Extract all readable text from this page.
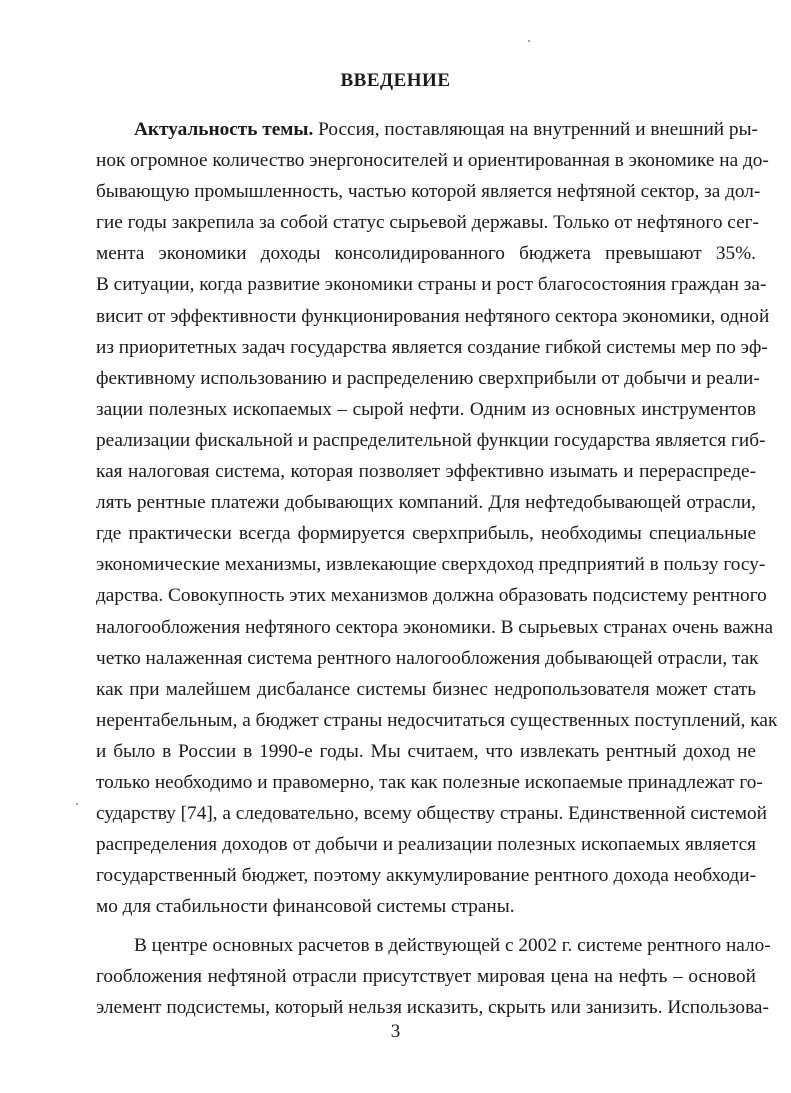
ВВЕДЕНИЕ
Актуальность темы. Россия, поставляющая на внутренний и внешний ры-
нок огромное количество энергоносителей и ориентированная в экономике на до-
бывающую промышленность, частью которой является нефтяной сектор, за дол-
гие годы закрепила за собой статус сырьевой державы. Только от нефтяного сег-
мента экономики доходы консолидированного бюджета превышают 35%.
В ситуации, когда развитие экономики страны и рост благосостояния граждан за-
висит от эффективности функционирования нефтяного сектора экономики, одной
из приоритетных задач государства является создание гибкой системы мер по эф-
фективному использованию и распределению сверхприбыли от добычи и реали-
зации полезных ископаемых – сырой нефти. Одним из основных инструментов
реализации фискальной и распределительной функции государства является гиб-
кая налоговая система, которая позволяет эффективно изымать и перераспреде-
лять рентные платежи добывающих компаний. Для нефтедобывающей отрасли,
где практически всегда формируется сверхприбыль, необходимы специальные
экономические механизмы, извлекающие сверхдоход предприятий в пользу госу-
дарства. Совокупность этих механизмов должна образовать подсистему рентного
налогообложения нефтяного сектора экономики. В сырьевых странах очень важна
четко налаженная система рентного налогообложения добывающей отрасли, так
как при малейшем дисбалансе системы бизнес недропользователя может стать
нерентабельным, а бюджет страны недосчитаться существенных поступлений, как
и было в России в 1990-е годы. Мы считаем, что извлекать рентный доход не
только необходимо и правомерно, так как полезные ископаемые принадлежат го-
сударству [74], а следовательно, всему обществу страны. Единственной системой
распределения доходов от добычи и реализации полезных ископаемых является
государственный бюджет, поэтому аккумулирование рентного дохода необходи-
мо для стабильности финансовой системы страны.
В центре основных расчетов в действующей с 2002 г. системе рентного нало-
гообложения нефтяной отрасли присутствует мировая цена на нефть – основой
элемент подсистемы, который нельзя исказить, скрыть или занизить. Использова-
3
